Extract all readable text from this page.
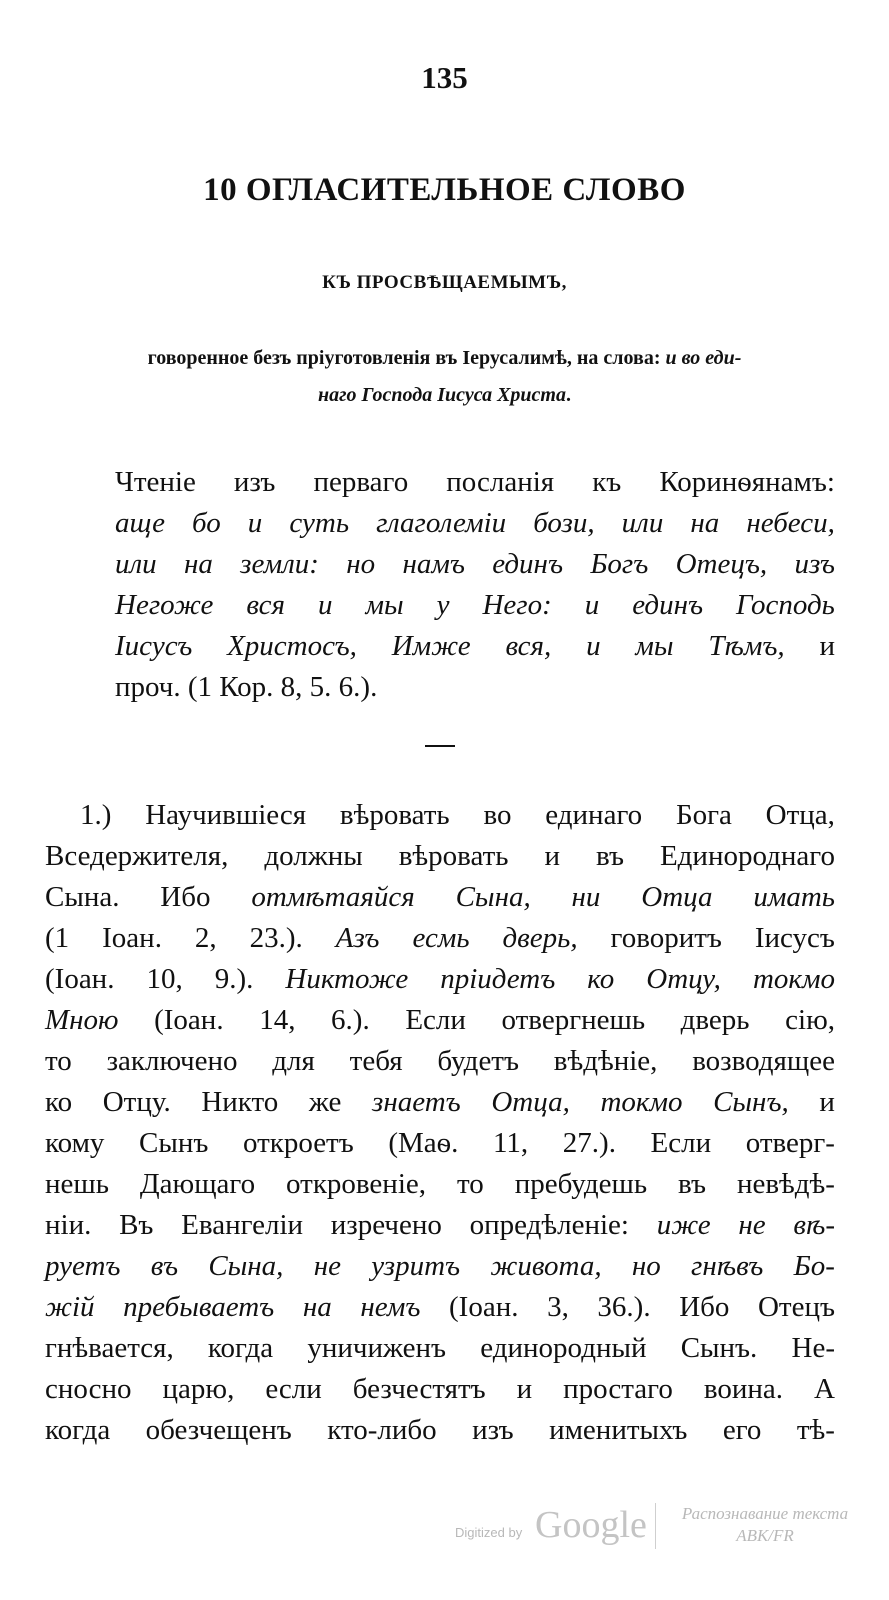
135
10 ОГЛАСИТЕЛЬНОЕ СЛОВО
КЪ ПРОСВѢЩАЕМЫМЪ,
говоренное безъ пріуготовленія въ Іерусалимѣ, на слова: и во еди-
наго Господа Іисуса Христа.
Чтеніе изъ перваго посланія къ Коринѳянамъ:
аще бо и суть глаголеміи бози, или на небеси,
или на земли: но намъ единъ Богъ Отецъ, изъ
Негоже вся и мы у Него: и единъ Господь
Іисусъ Христосъ, Имже вся, и мы Тѣмъ, и
проч. (1 Кор. 8, 5. 6.).
1.) Научившіеся вѣровать во единаго Бога Отца,
Вседержителя, должны вѣровать и въ Единороднаго
Сына. Ибо отмѣтаяйся Сына, ни Отца имать
(1 Іоан. 2, 23.). Азъ есмь дверь, говоритъ Іисусъ
(Іоан. 10, 9.). Никтоже пріидетъ ко Отцу, токмо
Мною (Іоан. 14, 6.). Если отвергнешь дверь сію,
то заключено для тебя будетъ вѣдѣніе, возводящее
ко Отцу. Никто же знаетъ Отца, токмо Сынъ, и
кому Сынъ откроетъ (Маѳ. 11, 27.). Если отверг-
нешь Дающаго откровеніе, то пребудешь въ невѣдѣ-
ніи. Въ Евангеліи изречено опредѣленіе: иже не вѣ-
руетъ въ Сына, не узритъ живота, но гнѣвъ Бо-
жій пребываетъ на немъ (Іоан. 3, 36.). Ибо Отецъ
гнѣвается, когда уничиженъ единородный Сынъ. Не-
сносно царю, если безчестятъ и простаго воина. А
когда обезчещенъ кто-либо изъ именитыхъ его тѣ-
Digitized by Google	Распознавание текста
АВК/FR
